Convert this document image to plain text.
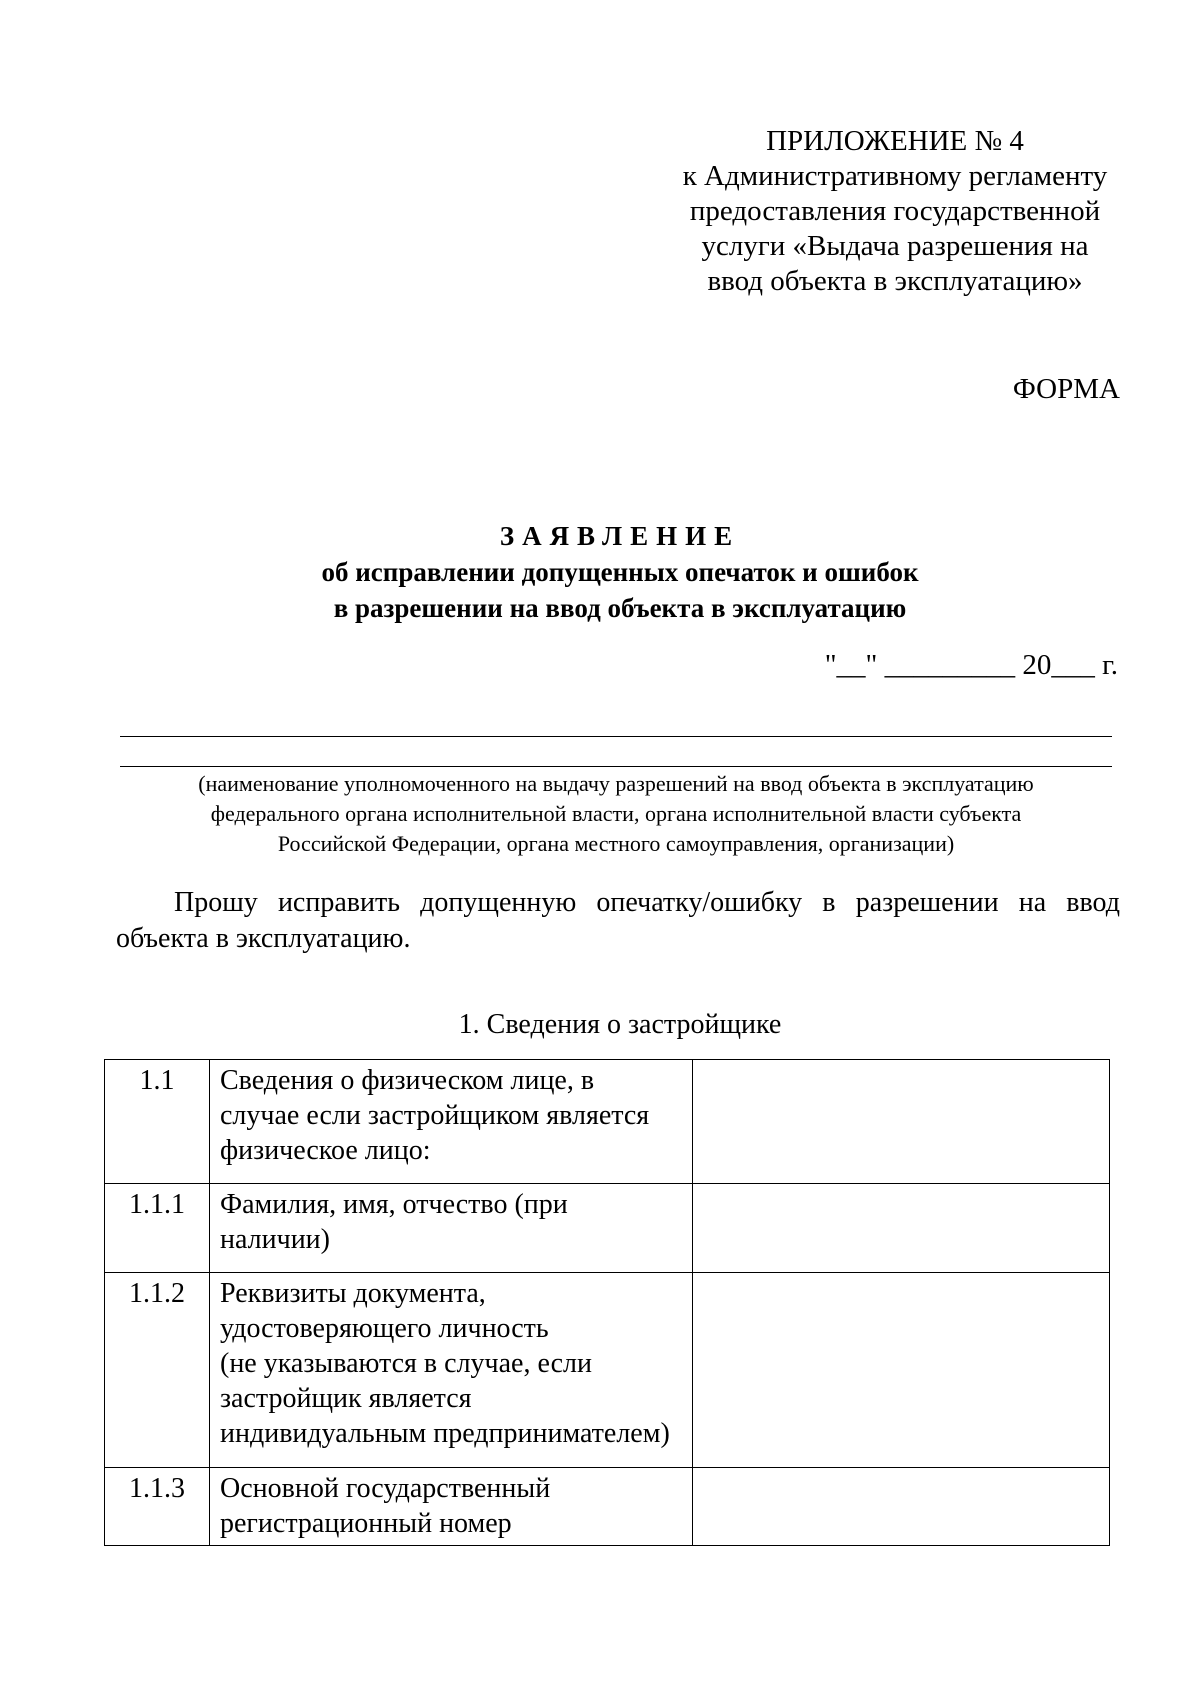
ПРИЛОЖЕНИЕ № 4
к Административному регламенту
предоставления государственной
услуги «Выдача разрешения на
ввод объекта в эксплуатацию»
ФОРМА
ЗАЯВЛЕНИЕ
об исправлении допущенных опечаток и ошибок
в разрешении на ввод объекта в эксплуатацию
"__" _________ 20___ г.
(наименование уполномоченного на выдачу разрешений на ввод объекта в эксплуатацию
федерального органа исполнительной власти, органа исполнительной власти субъекта
Российской Федерации, органа местного самоуправления, организации)
Прошу исправить допущенную опечатку/ошибку в разрешении на ввод
объекта в эксплуатацию.
1. Сведения о застройщике
1.1	Сведения о физическом лице, в
случае если застройщиком является
физическое лицо:	

1.1.1	Фамилия, имя, отчество (при
наличии)	

1.1.2	Реквизиты документа,
удостоверяющего личность
(не указываются в случае, если
застройщик является
индивидуальным предпринимателем)	

1.1.3	Основной государственный
регистрационный номер	
